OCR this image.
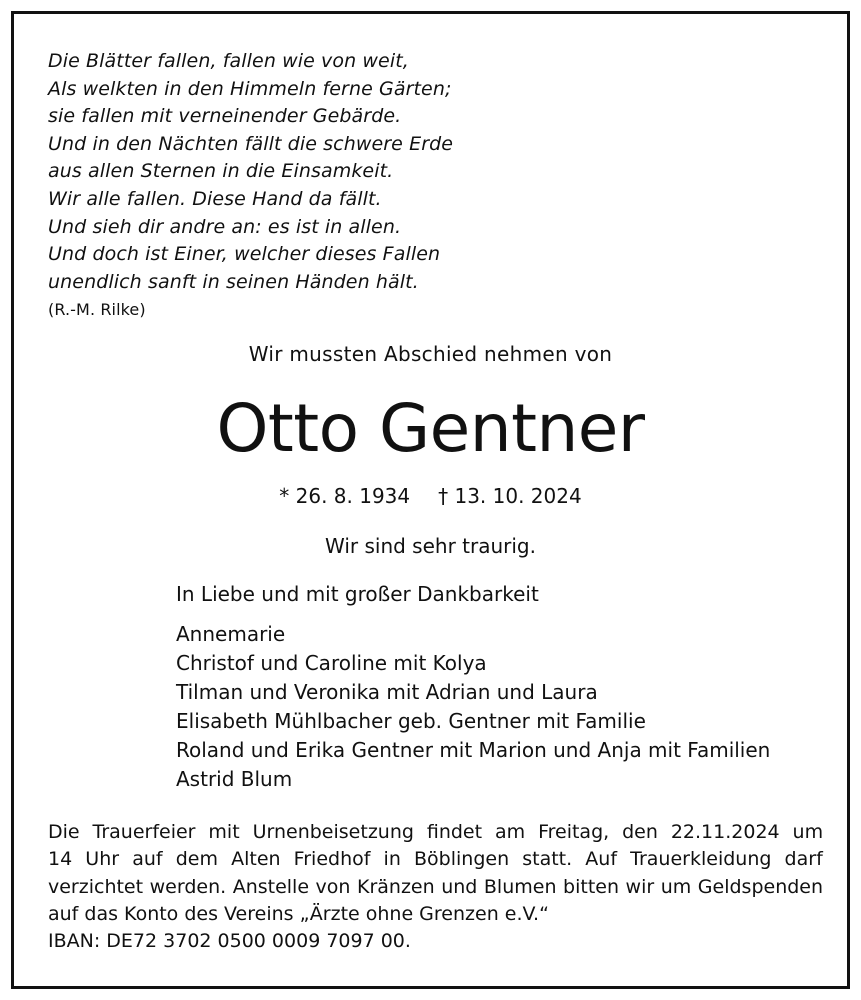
Die Blätter fallen, fallen wie von weit,
Als welkten in den Himmeln ferne Gärten;
sie fallen mit verneinender Gebärde.
Und in den Nächten fällt die schwere Erde
aus allen Sternen in die Einsamkeit.
Wir alle fallen. Diese Hand da fällt.
Und sieh dir andre an: es ist in allen.
Und doch ist Einer, welcher dieses Fallen
unendlich sanft in seinen Händen hält.
(R.-M. Rilke)
Wir mussten Abschied nehmen von
Otto Gentner
* 26. 8. 1934 † 13. 10. 2024
Wir sind sehr traurig.
In Liebe und mit großer Dankbarkeit
Annemarie
Christof und Caroline mit Kolya
Tilman und Veronika mit Adrian und Laura
Elisabeth Mühlbacher geb. Gentner mit Familie
Roland und Erika Gentner mit Marion und Anja mit Familien
Astrid Blum
Die Trauerfeier mit Urnenbeisetzung findet am Freitag, den 22.11.2024 um
14 Uhr auf dem Alten Friedhof in Böblingen statt. Auf Trauerkleidung darf
verzichtet werden. Anstelle von Kränzen und Blumen bitten wir um Geldspenden
auf das Konto des Vereins „Ärzte ohne Grenzen e.V.“
IBAN: DE72 3702 0500 0009 7097 00.
